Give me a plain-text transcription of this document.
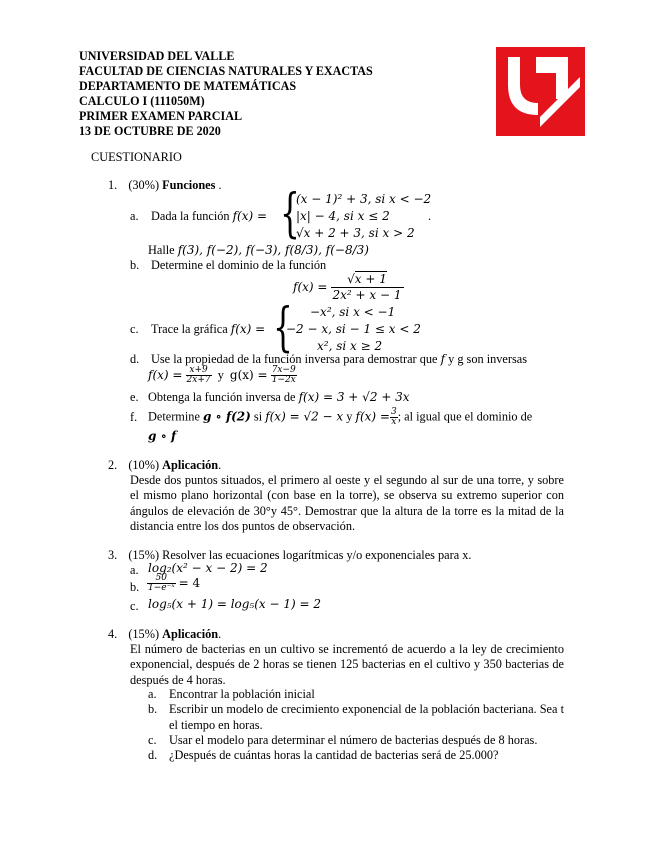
UNIVERSIDAD DEL VALLE
FACULTAD DE CIENCIAS NATURALES Y EXACTAS
DEPARTAMENTO DE MATEMÁTICAS
CALCULO I (111050M)
PRIMER EXAMEN PARCIAL
13 DE OCTUBRE DE 2020
CUESTIONARIO
1. (30%) Funciones .
a. Dada la función f(x) = {
(x − 1)² + 3, si x < −2
|x| − 4, si x ≤ 2
√x + 2 + 3, si x > 2
.
Halle f(3), f(−2), f(−3), f(8/3), f(−8/3)
b. Determine el dominio de la función
$f(x) = \frac{√x + 1}{\text{2x² + x − 1}}$
c. Trace la gráfica f(x) = { −x², si x < −1
−2 − x, si − 1 ≤ x < 2
x², si x ≥ 2
d. Use la propiedad de la función inversa para demostrar que f y g son inversas
$f(x) = \frac{x+9}{2x+7}$ y $g(x) = \frac{7x-9}{1-2x}$
e. Obtenga la función inversa de f(x) = 3 + √2 + 3x
f. Determine g ∘ f(2) si f(x) = √2 − x y $f(x) = \frac{3}{x}$ ; al igual que el dominio de
g ∘ f
2. (10%) Aplicación.
Desde dos puntos situados, el primero al oeste y el segundo al sur de una torre, y sobre el mismo plano horizontal (con base en la torre), se observa su extremo superior con ángulos de elevación de 30°y 45°. Demostrar que la altura de la torre es la mitad de la distancia entre los dos puntos de observación.
3. (15%) Resolver las ecuaciones logarítmicas y/o exponenciales para x.
a. log₂(x² − x − 2) = 2
b. $\frac{50}{\text{1−e⁻ˣ}} = 4$
c. log₅(x + 1) = log₅(x − 1) = 2
4. (15%) Aplicación.
El número de bacterias en un cultivo se incrementó de acuerdo a la ley de crecimiento exponencial, después de 2 horas se tienen 125 bacterias en el cultivo y 350 bacterias de después de 4 horas.
a. Encontrar la población inicial
b. Escribir un modelo de crecimiento exponencial de la población bacteriana. Sea t el tiempo en horas.
c. Usar el modelo para determinar el número de bacterias después de 8 horas.
d. ¿Después de cuántas horas la cantidad de bacterias será de 25.000?
